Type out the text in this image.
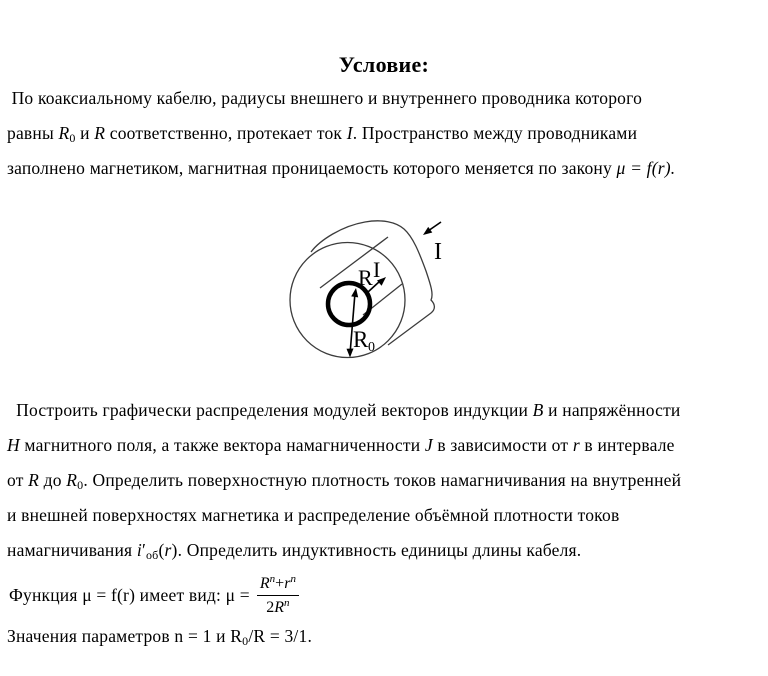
Условие:
По коаксиальному кабелю, радиусы внешнего и внутреннего проводника которого
равны R0 и R соответственно, протекает ток I. Пространство между проводниками
заполнено магнетиком, магнитная проницаемость которого меняется по закону μ = f(r).
I
I
R
R 0
Построить графически распределения модулей векторов индукции B и напряжённости
H магнитного поля, а также вектора намагниченности J в зависимости от r в интервале
от R до R0. Определить поверхностную плотность токов намагничивания на внутренней
и внешней поверхностях магнетика и распределение объёмной плотности токов
намагничивания i′об(r). Определить индуктивность единицы длины кабеля.
Функция μ = f(r) имеет вид: $\mu = \frac{R^n+r^n}{2R^n}$
Значения параметров n = 1 и R0/R = 3/1.
